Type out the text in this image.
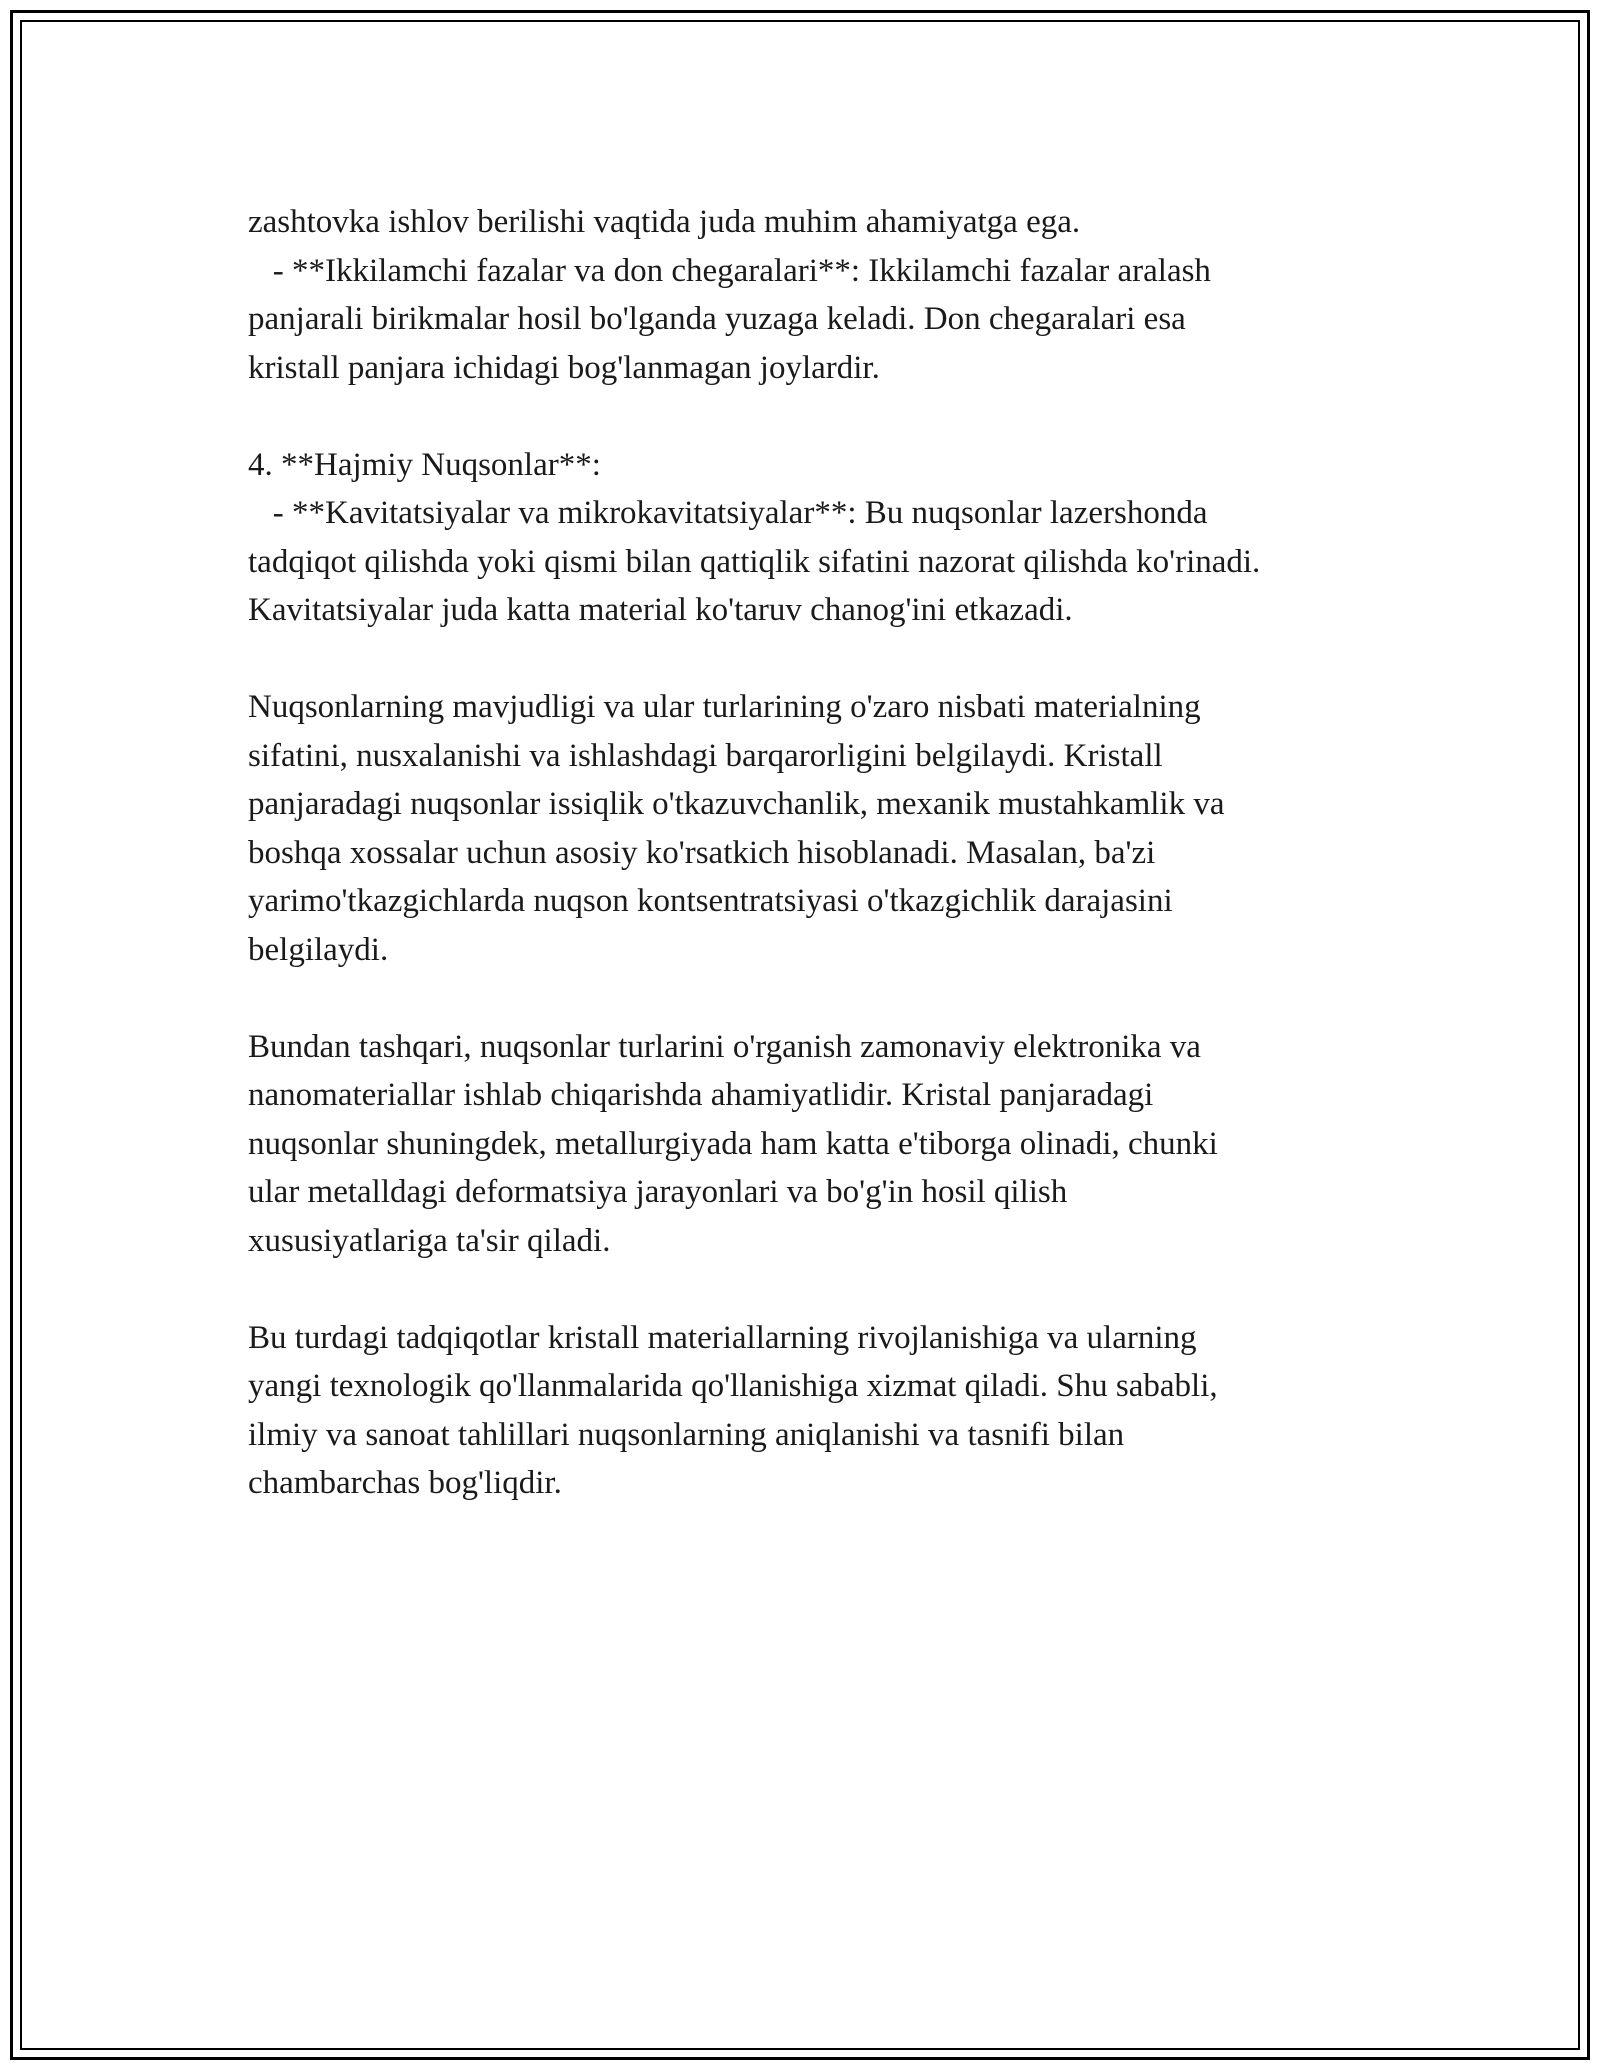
zashtovka ishlov berilishi vaqtida juda muhim ahamiyatga ega.
- **Ikkilamchi fazalar va don chegaralari**: Ikkilamchi fazalar aralash
panjarali birikmalar hosil bo'lganda yuzaga keladi. Don chegaralari esa
kristall panjara ichidagi bog'lanmagan joylardir.
4. **Hajmiy Nuqsonlar**:
- **Kavitatsiyalar va mikrokavitatsiyalar**: Bu nuqsonlar lazershonda
tadqiqot qilishda yoki qismi bilan qattiqlik sifatini nazorat qilishda ko'rinadi.
Kavitatsiyalar juda katta material ko'taruv chanog'ini etkazadi.
Nuqsonlarning mavjudligi va ular turlarining o'zaro nisbati materialning
sifatini, nusxalanishi va ishlashdagi barqarorligini belgilaydi. Kristall
panjaradagi nuqsonlar issiqlik o'tkazuvchanlik, mexanik mustahkamlik va
boshqa xossalar uchun asosiy ko'rsatkich hisoblanadi. Masalan, ba'zi
yarimo'tkazgichlarda nuqson kontsentratsiyasi o'tkazgichlik darajasini
belgilaydi.
Bundan tashqari, nuqsonlar turlarini o'rganish zamonaviy elektronika va
nanomateriallar ishlab chiqarishda ahamiyatlidir. Kristal panjaradagi
nuqsonlar shuningdek, metallurgiyada ham katta e'tiborga olinadi, chunki
ular metalldagi deformatsiya jarayonlari va bo'g'in hosil qilish
xususiyatlariga ta'sir qiladi.
Bu turdagi tadqiqotlar kristall materiallarning rivojlanishiga va ularning
yangi texnologik qo'llanmalarida qo'llanishiga xizmat qiladi. Shu sababli,
ilmiy va sanoat tahlillari nuqsonlarning aniqlanishi va tasnifi bilan
chambarchas bog'liqdir.
